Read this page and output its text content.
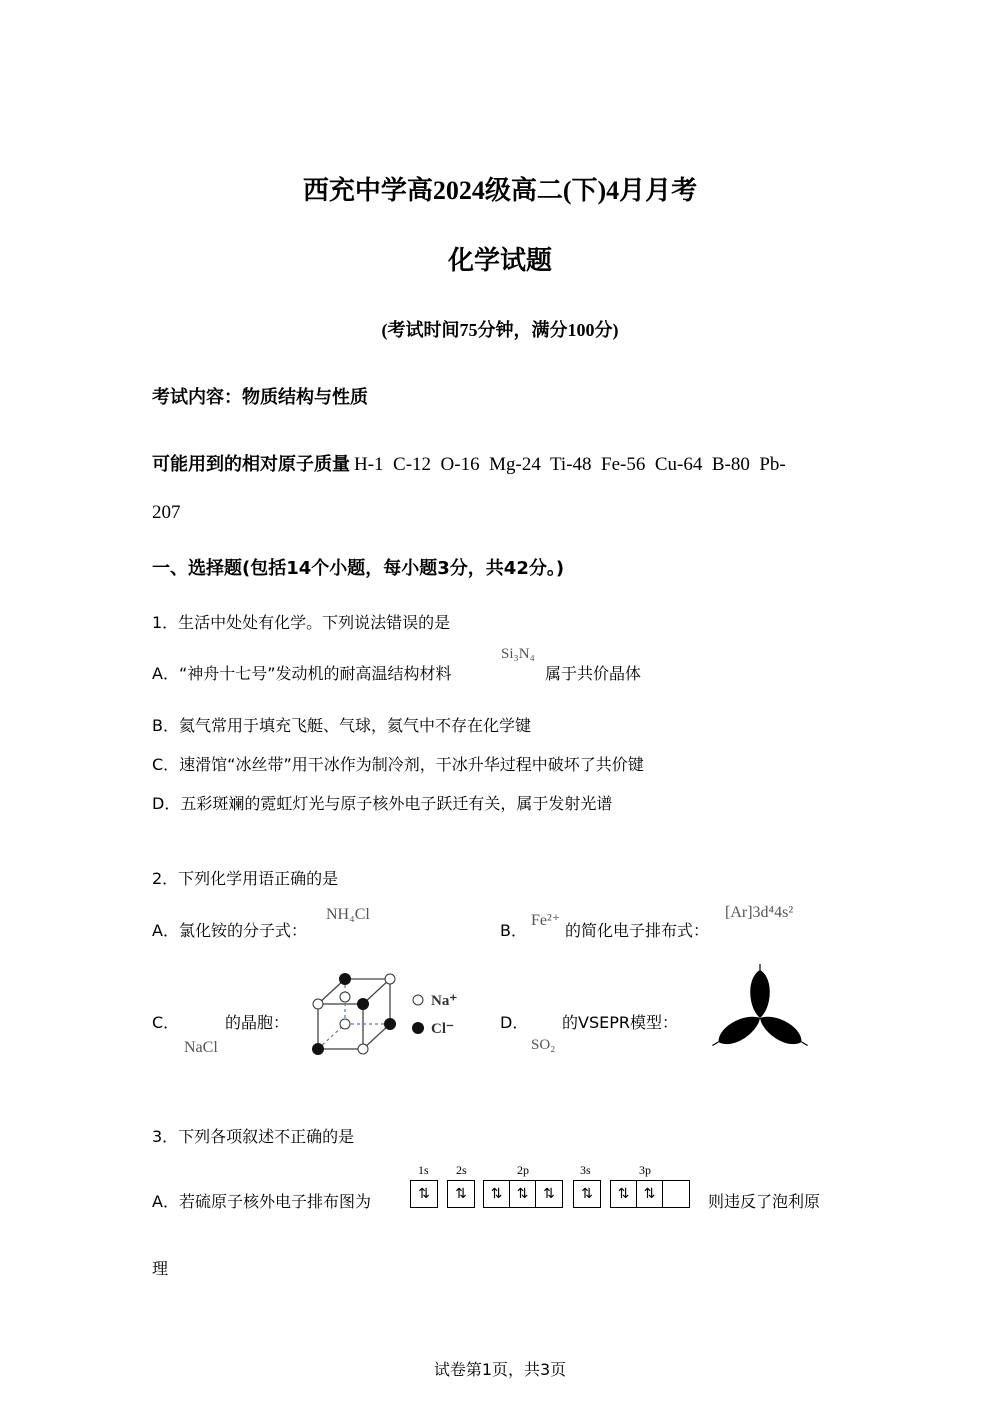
西充中学高2024级高二(下)4月月考
化学试题
(考试时间75分钟，满分100分)
考试内容：物质结构与性质
可能用到的相对原子质量 H-1  C-12  O-16  Mg-24  Ti-48  Fe-56  Cu-64  B-80  Pb-
207
一、选择题(包括14个小题，每小题3分，共42分。)
1．生活中处处有化学。下列说法错误的是
A．“神舟十七号”发动机的耐高温结构材料
Si₃N₄
属于共价晶体
B．氦气常用于填充飞艇、气球，氦气中不存在化学键
C．速滑馆“冰丝带”用干冰作为制冷剂，干冰升华过程中破坏了共价键
D．五彩斑斓的霓虹灯光与原子核外电子跃迁有关，属于发射光谱
2．下列化学用语正确的是
A．氯化铵的分子式：
NH₄Cl
B．
Fe²⁺
的简化电子排布式：
[Ar]3d⁴4s²
C．	的晶胞：
NaCl
Na⁺
Cl⁻	D． 的VSEPR模型：
SO₂
3．下列各项叙述不正确的是
A．若硫原子核外电子排布图为
1s 2s	2p	3s	3p
⇅	⇅	⇅	⇅	⇅	⇅	⇅	⇅	则违反了泡利原
理
试卷第1页，共3页
